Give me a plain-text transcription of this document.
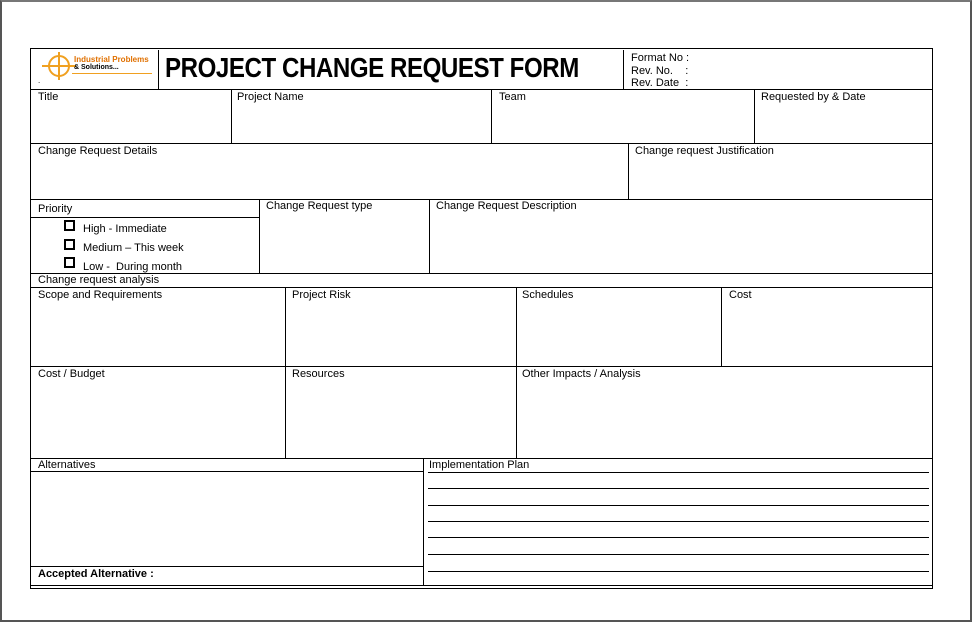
Industrial Problems
& Solutions...
.	PROJECT CHANGE REQUEST FORM	Format No :
Rev. No.    :
Rev. Date  :
Title	Project Name	Team	Requested by & Date
Change Request Details	Change request Justification
Priority
High - Immediate
Medium – This week
Low -  During month
Change Request type	Change Request Description
Change request analysis
Scope and Requirements	Project Risk	Schedules	Cost
Cost / Budget	Resources	Other Impacts / Analysis
Alternatives
Accepted Alternative :
Implementation Plan
